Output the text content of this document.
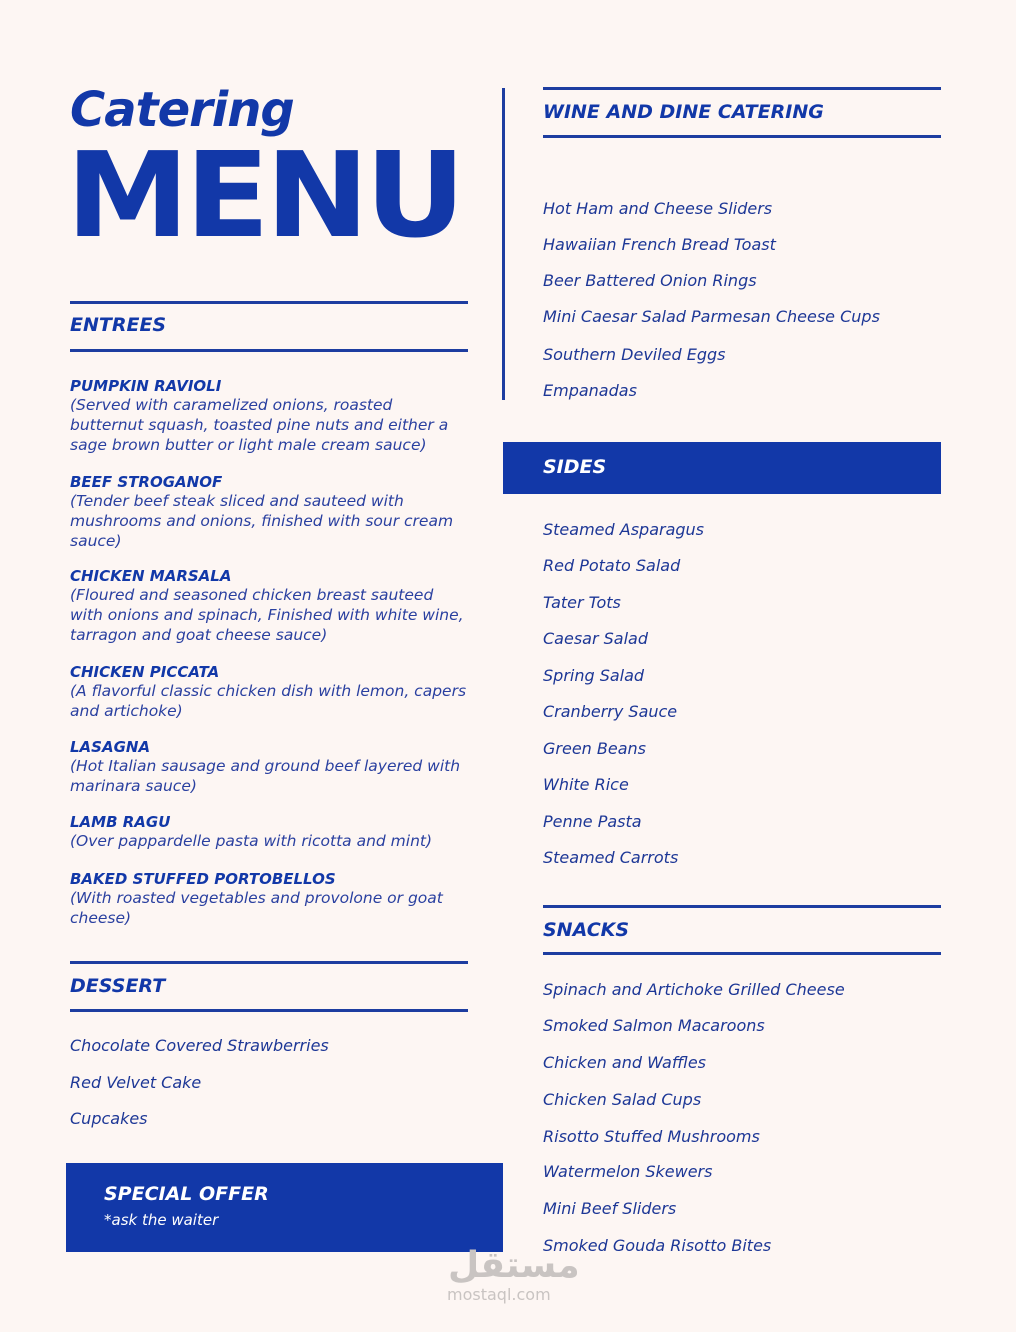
Catering
MENU
ENTREES
PUMPKIN RAVIOLI
(Served with caramelized onions, roasted butternut squash, toasted pine nuts and either a sage brown butter or light male cream sauce)
BEEF STROGANOF
(Tender beef steak sliced and sauteed with mushrooms and onions, finished with sour cream sauce)
CHICKEN MARSALA
(Floured and seasoned chicken breast sauteed with onions and spinach, Finished with white wine, tarragon and goat cheese sauce)
CHICKEN PICCATA
(A flavorful classic chicken dish with lemon, capers and artichoke)
LASAGNA
(Hot Italian sausage and ground beef layered with marinara sauce)
LAMB RAGU
(Over pappardelle pasta with ricotta and mint)
BAKED STUFFED PORTOBELLOS
(With roasted vegetables and provolone or goat cheese)
DESSERT
Chocolate Covered Strawberries
Red Velvet Cake
Cupcakes
SPECIAL OFFER
*ask the waiter
WINE AND DINE CATERING
Hot Ham and Cheese Sliders
Hawaiian French Bread Toast
Beer Battered Onion Rings
Mini Caesar Salad Parmesan Cheese Cups
Southern Deviled Eggs
Empanadas
SIDES
Steamed Asparagus
Red Potato Salad
Tater Tots
Caesar Salad
Spring Salad
Cranberry Sauce
Green Beans
White Rice
Penne Pasta
Steamed Carrots
SNACKS
Spinach and Artichoke Grilled Cheese
Smoked Salmon Macaroons
Chicken and Waffles
Chicken Salad Cups
Risotto Stuffed Mushrooms
Watermelon Skewers
Mini Beef Sliders
Smoked Gouda Risotto Bites
مستقل
mostaql.com
